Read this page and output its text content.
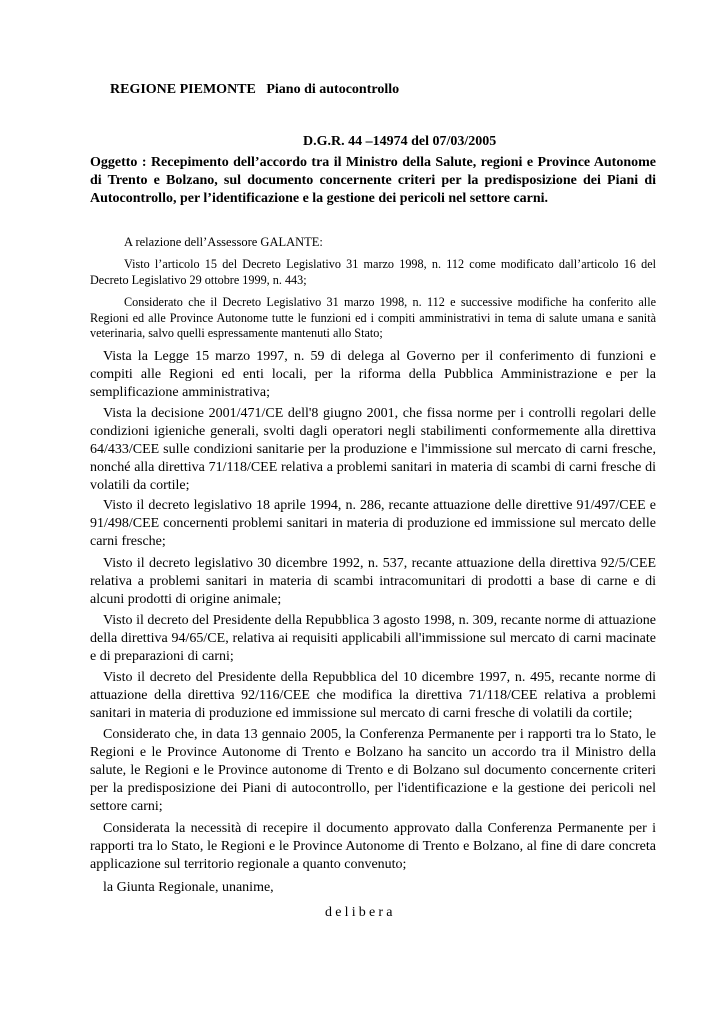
REGIONE PIEMONTE   Piano di autocontrollo
D.G.R. 44 –14974 del 07/03/2005
Oggetto : Recepimento dell’accordo tra il Ministro della Salute, regioni e Province Autonome di Trento e Bolzano, sul documento concernente criteri per la predisposizione dei Piani di Autocontrollo, per l’identificazione e la gestione dei pericoli nel settore carni.
A relazione dell’Assessore GALANTE:
Visto l’articolo 15 del Decreto Legislativo 31 marzo 1998, n. 112 come modificato dall’articolo 16 del Decreto Legislativo 29 ottobre 1999, n. 443;
Considerato che il Decreto Legislativo 31 marzo 1998, n. 112 e successive modifiche ha conferito alle Regioni ed alle Province Autonome tutte le funzioni ed i compiti amministrativi in tema di salute umana e sanità veterinaria, salvo quelli espressamente mantenuti allo Stato;
Vista la Legge 15 marzo 1997, n. 59 di delega al Governo per il conferimento di funzioni e compiti alle Regioni ed enti locali, per la riforma della Pubblica Amministrazione e per la semplificazione amministrativa;
Vista la decisione 2001/471/CE dell'8 giugno 2001, che fissa norme per i controlli regolari delle condizioni igieniche generali, svolti dagli operatori negli stabilimenti conformemente alla direttiva 64/433/CEE sulle condizioni sanitarie per la produzione e l'immissione sul mercato di carni fresche, nonché alla direttiva 71/118/CEE relativa a problemi sanitari in materia di scambi di carni fresche di volatili da cortile;
Visto il decreto legislativo 18 aprile 1994, n. 286, recante attuazione delle direttive 91/497/CEE e 91/498/CEE concernenti problemi sanitari in materia di produzione ed immissione sul mercato delle carni fresche;
Visto il decreto legislativo 30 dicembre 1992, n. 537, recante attuazione della direttiva 92/5/CEE relativa a problemi sanitari in materia di scambi intracomunitari di prodotti a base di carne e di alcuni prodotti di origine animale;
Visto il decreto del Presidente della Repubblica 3 agosto 1998, n. 309, recante norme di attuazione della direttiva 94/65/CE, relativa ai requisiti applicabili all'immissione sul mercato di carni macinate e di preparazioni di carni;
Visto il decreto del Presidente della Repubblica del 10 dicembre 1997, n. 495, recante norme di attuazione della direttiva 92/116/CEE che modifica la direttiva 71/118/CEE relativa a problemi sanitari in materia di produzione ed immissione sul mercato di carni fresche di volatili da cortile;
Considerato che, in data 13 gennaio 2005, la Conferenza Permanente per i rapporti tra lo Stato, le Regioni e le Province Autonome di Trento e Bolzano ha sancito un accordo tra il Ministro della salute, le Regioni e le Province autonome di Trento e di Bolzano sul documento concernente criteri per la predisposizione dei Piani di autocontrollo, per l'identificazione e la gestione dei pericoli nel settore carni;
Considerata la necessità di recepire il documento approvato dalla Conferenza Permanente per i rapporti tra lo Stato, le Regioni e le Province Autonome di Trento e Bolzano, al fine di dare concreta applicazione sul territorio regionale a quanto convenuto;
la Giunta Regionale, unanime,
delibera
